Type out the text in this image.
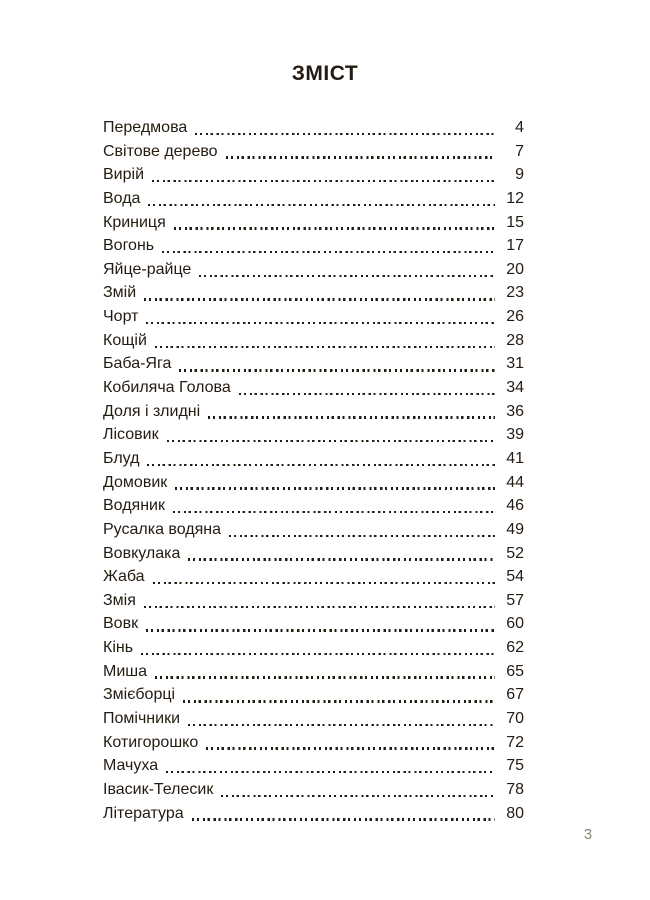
ЗМІСТ
Передмова	4
Світове дерево	7
Вирій	9
Вода	12
Криниця	15
Вогонь	17
Яйце-райце	20
Змій	23
Чорт	26
Кощій	28
Баба-Яга	31
Кобиляча Голова	34
Доля і злидні	36
Лісовик	39
Блуд	41
Домовик	44
Водяник	46
Русалка водяна	49
Вовкулака	52
Жаба	54
Змія	57
Вовк	60
Кінь	62
Миша	65
Змієборці	67
Помічники	70
Котигорошко	72
Мачуха	75
Івасик-Телесик	78
Література	80
3
